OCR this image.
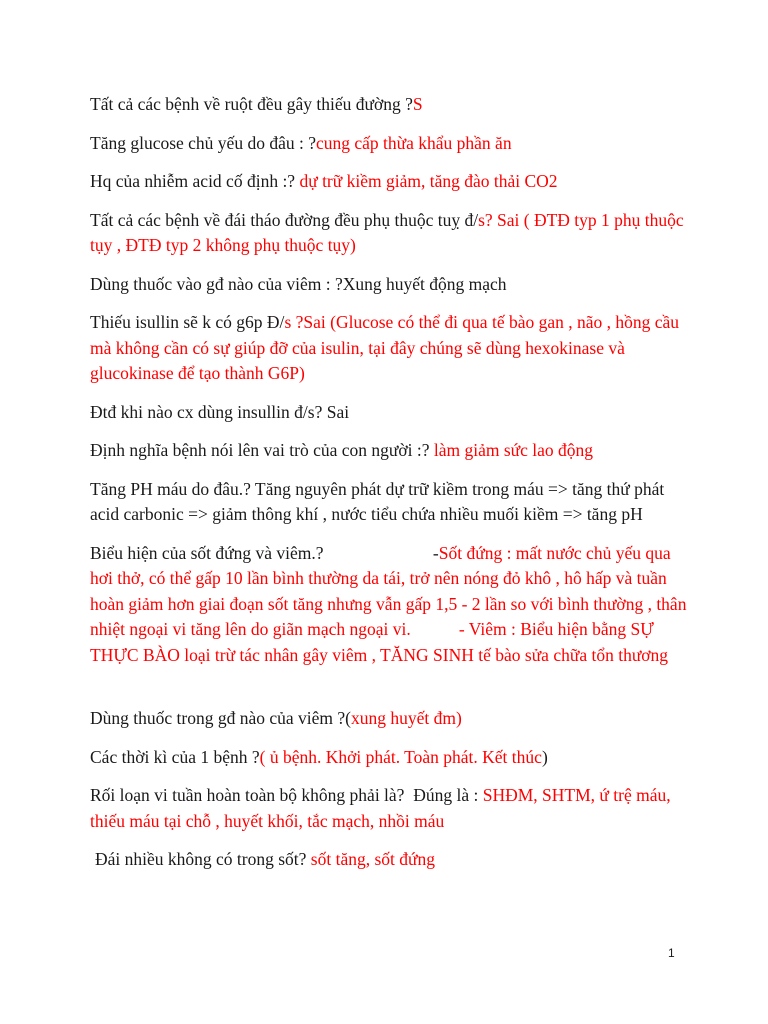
Tất cả các bệnh về ruột đều gây thiếu đường ?S

Tăng glucose chủ yếu do đâu : ?cung cấp thừa khẩu phần ăn

Hq của nhiễm acid cố định :? dự trữ kiềm giảm, tăng đào thải CO2

Tất cả các bệnh về đái tháo đường đều phụ thuộc tuỵ đ/s? Sai ( ĐTĐ typ 1 phụ thuộc tụy , ĐTĐ typ 2 không phụ thuộc tụy)

Dùng thuốc vào gđ nào của viêm : ?Xung huyết động mạch

Thiếu isullin sẽ k có g6p Đ/s ?Sai (Glucose có thể đi qua tế bào gan , não , hồng cầu mà không cần có sự giúp đỡ của isulin, tại đây chúng sẽ dùng hexokinase và glucokinase để tạo thành G6P)

Đtđ khi nào cx dùng insullin đ/s? Sai

Định nghĩa bệnh nói lên vai trò của con người :? làm giảm sức lao động

Tăng PH máu do đâu.? Tăng nguyên phát dự trữ kiềm trong máu => tăng thứ phát acid carbonic => giảm thông khí , nước tiểu chứa nhiều muối kiềm => tăng pH

Biểu hiện của sốt đứng và viêm.?                         -Sốt đứng : mất nước chủ yếu qua hơi thở, có thể gấp 10 lần bình thường da tái, trở nên nóng đỏ khô , hô hấp và tuần hoàn giảm hơn giai đoạn sốt tăng nhưng vẫn gấp 1,5 - 2 lần so với bình thường , thân nhiệt ngoại vi tăng lên do giãn mạch ngoại vi.           - Viêm : Biểu hiện bằng SỰ THỰC BÀO loại trừ tác nhân gây viêm , TĂNG SINH tế bào sửa chữa tổn thương

Dùng thuốc trong gđ nào của viêm ?(xung huyết đm)

Các thời kì của 1 bệnh ?( ủ bệnh. Khởi phát. Toàn phát. Kết thúc)

Rối loạn vi tuần hoàn toàn bộ không phải là?  Đúng là : SHĐM, SHTM, ứ trệ máu, thiếu máu tại chỗ , huyết khối, tắc mạch, nhồi máu

Đái nhiều không có trong sốt? sốt tăng, sốt đứng

1
